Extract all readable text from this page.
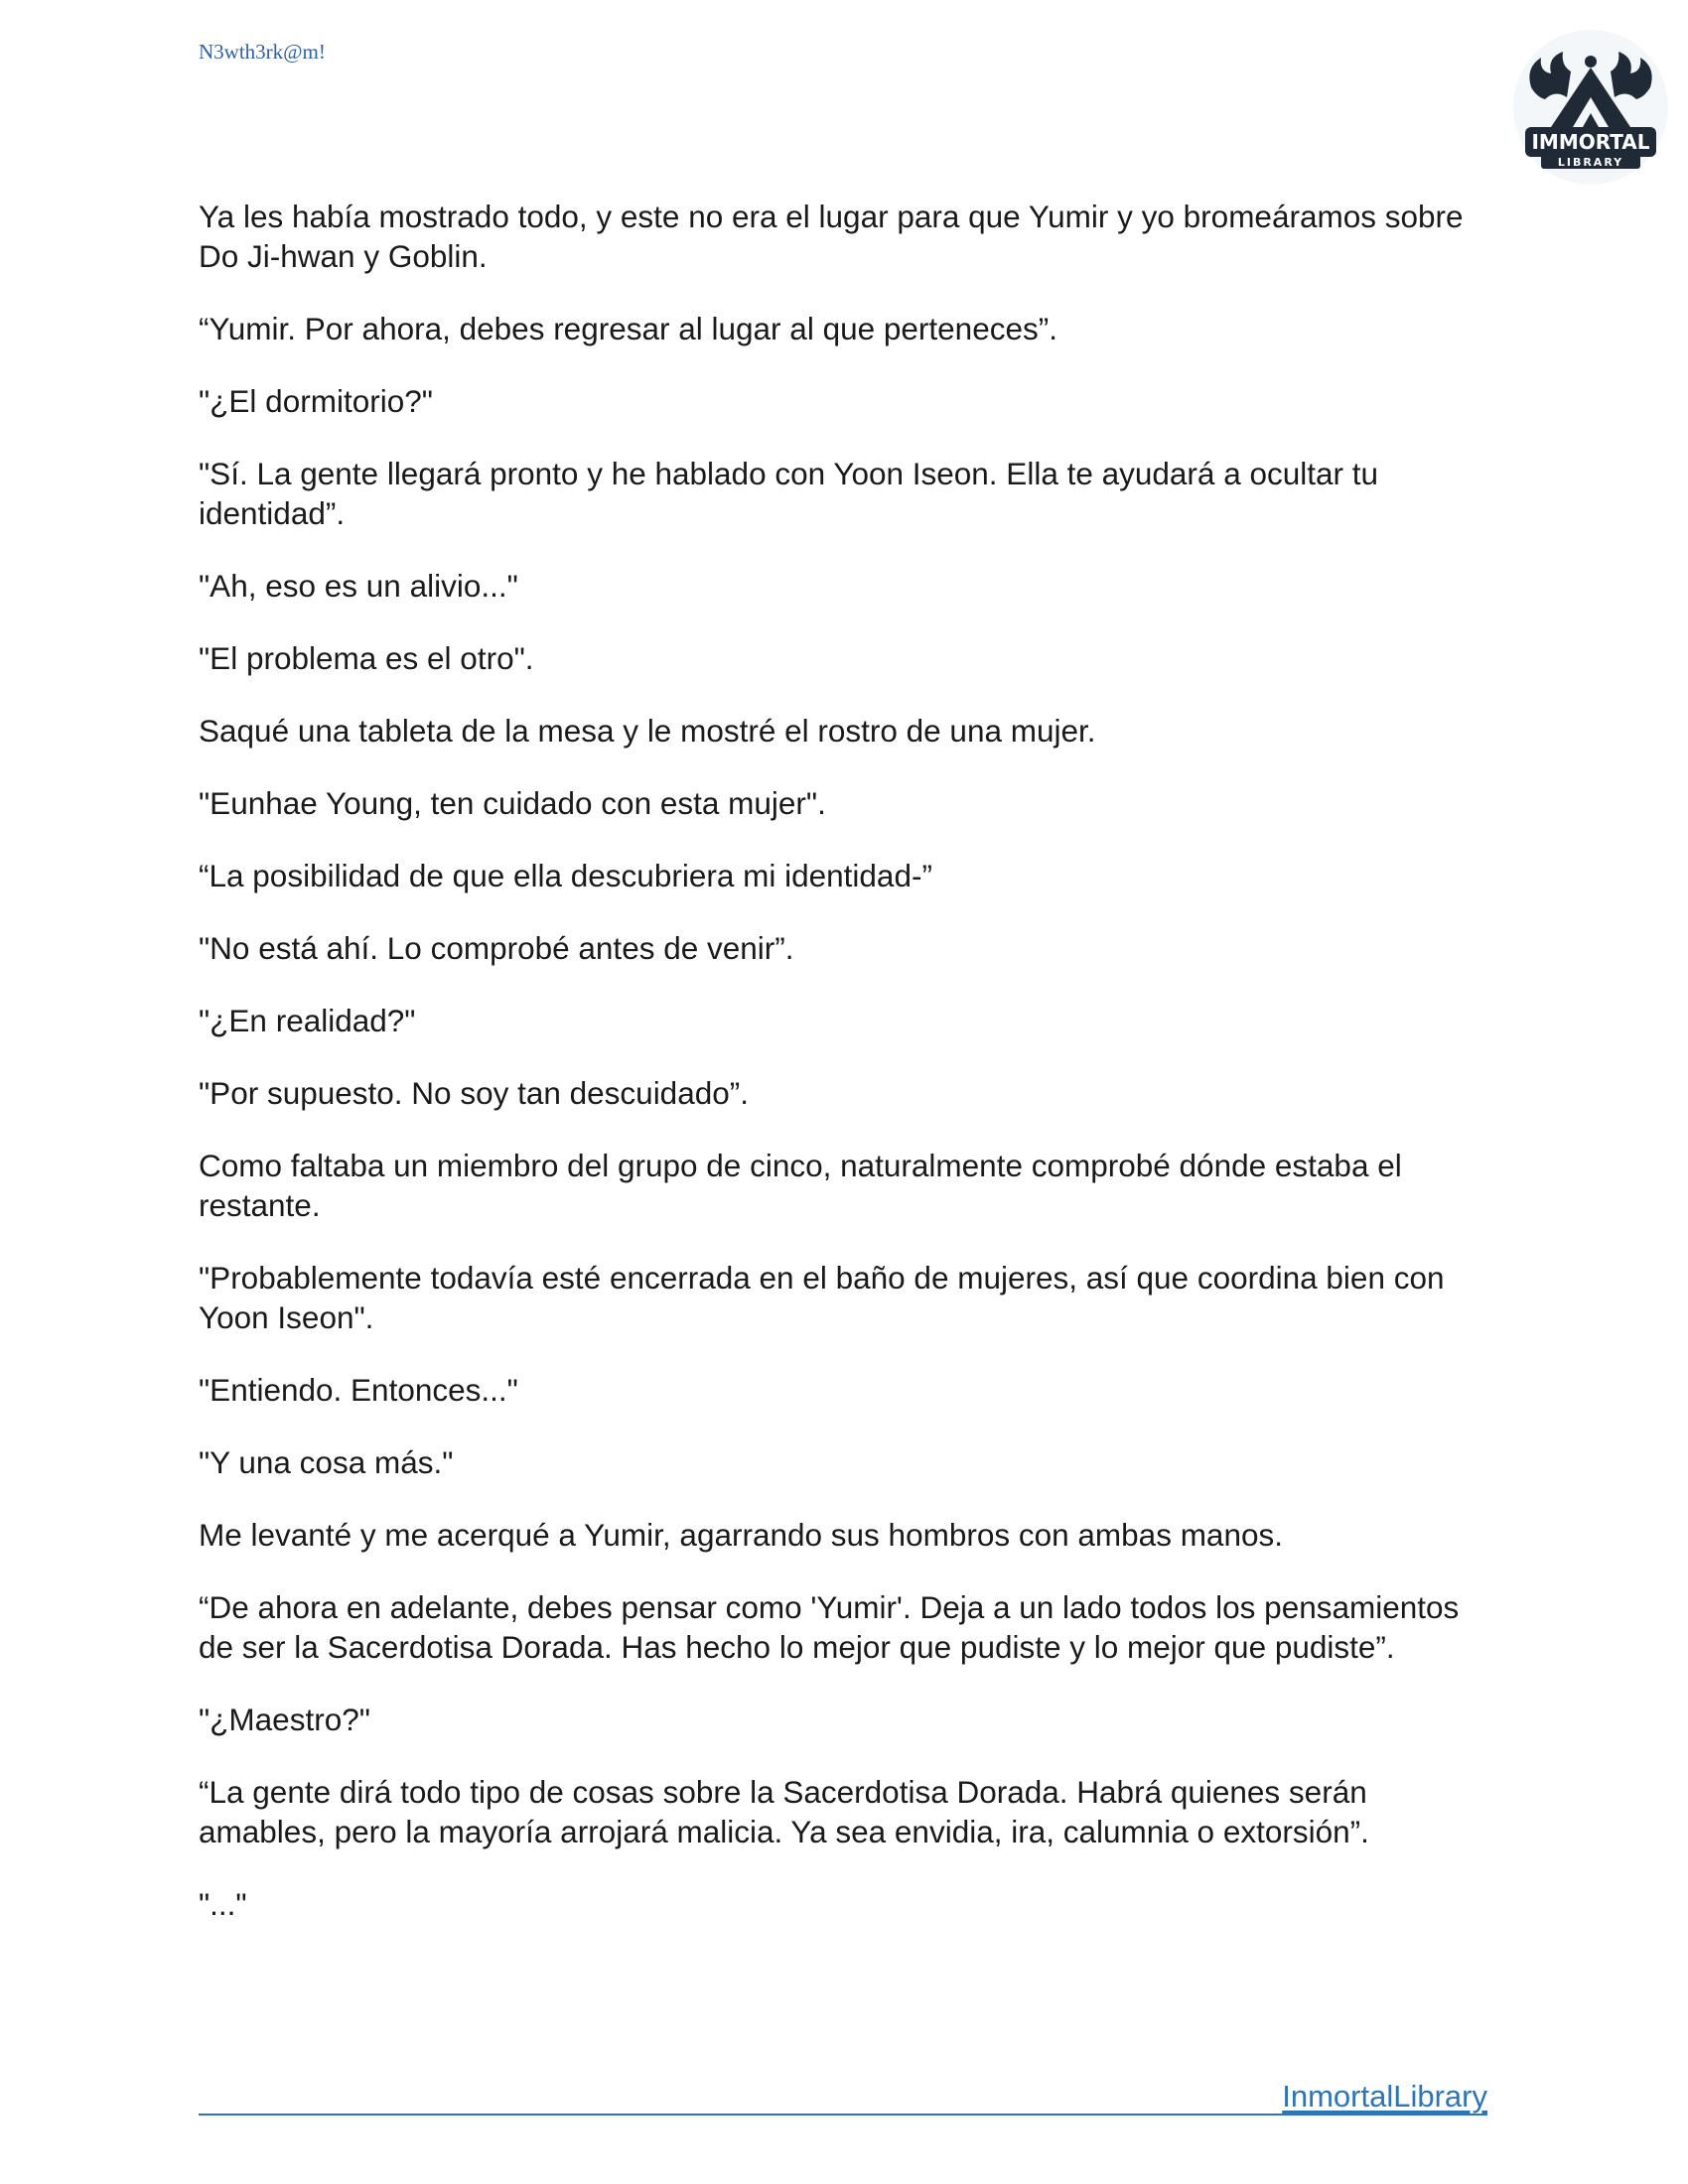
N3wth3rk@m!
IMMORTAL
LIBRARY

Ya les había mostrado todo, y este no era el lugar para que Yumir y yo bromeáramos sobre Do Ji-hwan y Goblin.

“Yumir. Por ahora, debes regresar al lugar al que perteneces”.

"¿El dormitorio?"

"Sí. La gente llegará pronto y he hablado con Yoon Iseon. Ella te ayudará a ocultar tu identidad”.

"Ah, eso es un alivio..."

"El problema es el otro".

Saqué una tableta de la mesa y le mostré el rostro de una mujer.

"Eunhae Young, ten cuidado con esta mujer".

“La posibilidad de que ella descubriera mi identidad-”

"No está ahí. Lo comprobé antes de venir”.

"¿En realidad?"

"Por supuesto. No soy tan descuidado”.

Como faltaba un miembro del grupo de cinco, naturalmente comprobé dónde estaba el restante.

"Probablemente todavía esté encerrada en el baño de mujeres, así que coordina bien con Yoon Iseon".

"Entiendo. Entonces..."

"Y una cosa más."

Me levanté y me acerqué a Yumir, agarrando sus hombros con ambas manos.

“De ahora en adelante, debes pensar como 'Yumir'. Deja a un lado todos los pensamientos de ser la Sacerdotisa Dorada. Has hecho lo mejor que pudiste y lo mejor que pudiste”.

"¿Maestro?"

“La gente dirá todo tipo de cosas sobre la Sacerdotisa Dorada. Habrá quienes serán amables, pero la mayoría arrojará malicia. Ya sea envidia, ira, calumnia o extorsión”.

"..."

InmortalLibrary
